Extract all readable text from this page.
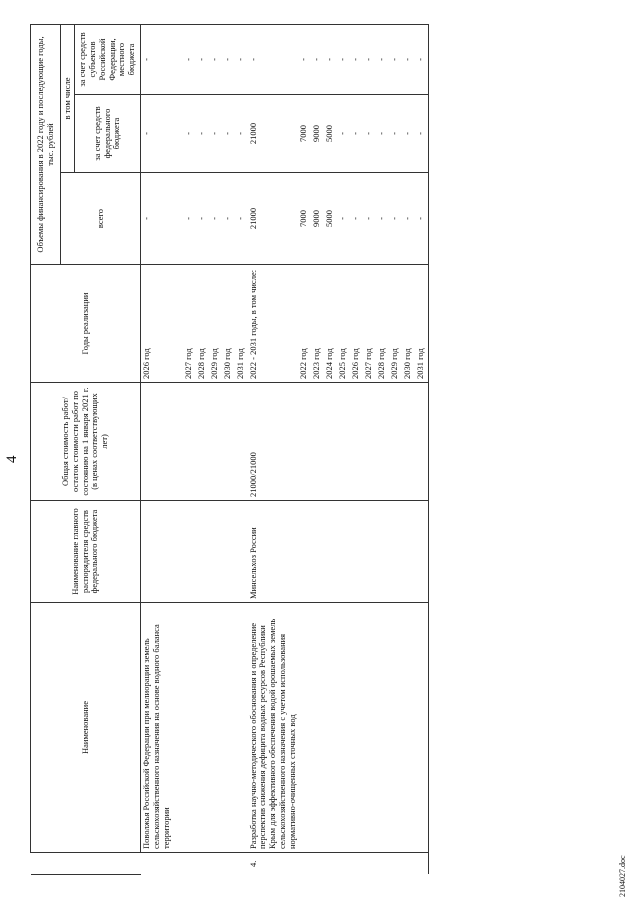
4
	Наименование	Наименование главного распорядителя средств федерального бюджета	Общая стоимость работ/остаток стоимости работ по состоянию на 1 января 2021 г. (в ценах соответствующих лет)	Годы реализации	Объемы финансирования в 2022 году и последующие годы, тыс. рублей		
					всего	в том числе	
						за счет средств федерального бюджета	за счет средств субъектов Российской Федерации, местного бюджета
	Поволжья Российской Федерации при мелиорации земель сельскохозяйственного назначения на основе водного баланса территории			2026 год	-	-	-
				2027 год	-	-	-
				2028 год	-	-	-
				2029 год	-	-	-
				2030 год	-	-	-
				2031 год	-	-	-
4.	Разработка научно-методического обоснования и определение перспектив снижения дефицита водных ресурсов Республики Крым для эффективного обеспечения водой орошаемых земель сельскохозяйственного назначения с учетом использования нормативно-очищенных сточных вод	Минсельхоз России	21000/21000	2022 - 2031 годы, в том числе:	21000	21000	-
				2022 год	7000	7000	-
				2023 год	9000	9000	-
				2024 год	5000	5000	-
				2025 год	-	-	-
				2026 год	-	-	-
				2027 год	-	-	-
				2028 год	-	-	-
				2029 год	-	-	-
				2030 год	-	-	-
				2031 год	-	-	-
2104027.doc
